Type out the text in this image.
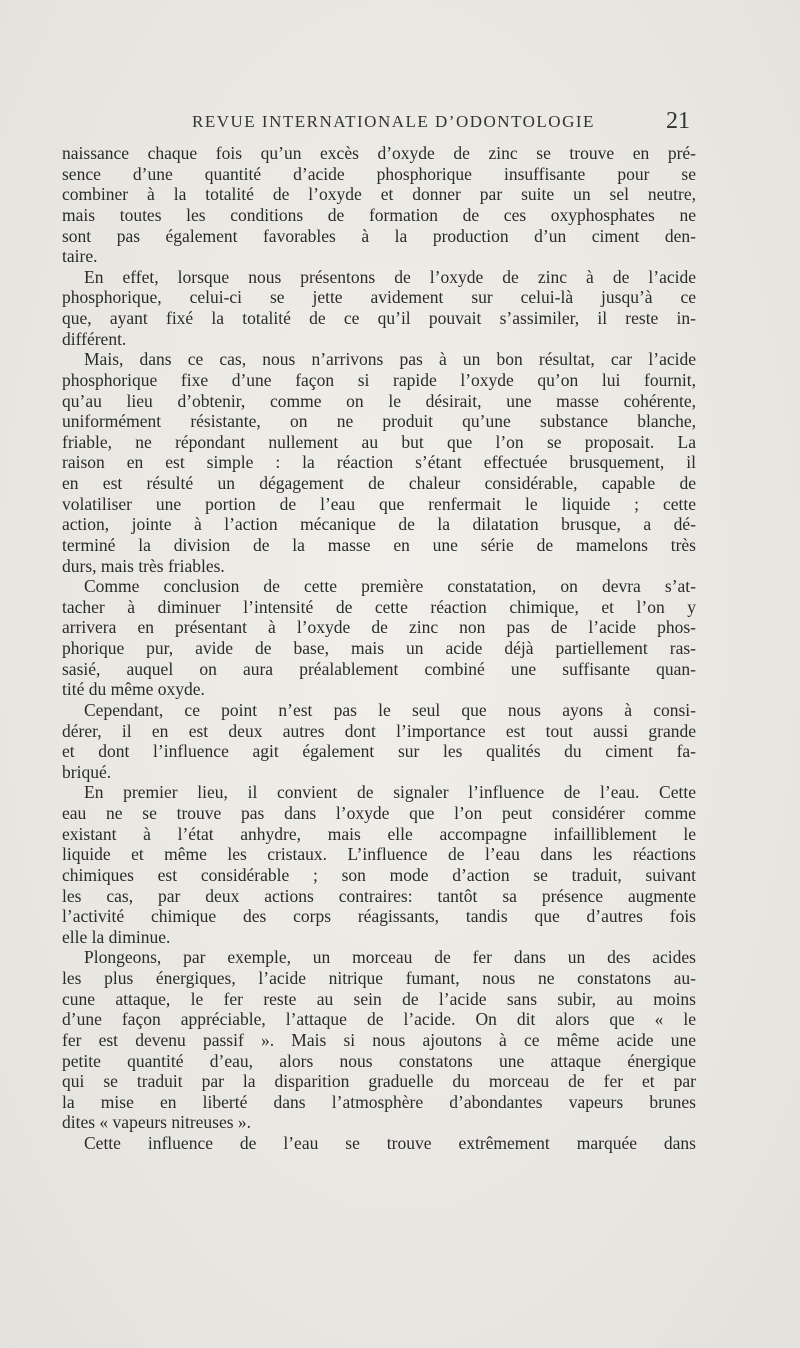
REVUE INTERNATIONALE D’ODONTOLOGIE	21
naissance chaque fois qu’un excès d’oxyde de zinc se trouve en pré-
sence d’une quantité d’acide phosphorique insuffisante pour se
combiner à la totalité de l’oxyde et donner par suite un sel neutre,
mais toutes les conditions de formation de ces oxyphosphates ne
sont pas également favorables à la production d’un ciment den-
taire.
En effet, lorsque nous présentons de l’oxyde de zinc à de l’acide
phosphorique, celui-ci se jette avidement sur celui-là jusqu’à ce
que, ayant fixé la totalité de ce qu’il pouvait s’assimiler, il reste in-
différent.
Mais, dans ce cas, nous n’arrivons pas à un bon résultat, car l’acide
phosphorique fixe d’une façon si rapide l’oxyde qu’on lui fournit,
qu’au lieu d’obtenir, comme on le désirait, une masse cohérente,
uniformément résistante, on ne produit qu’une substance blanche,
friable, ne répondant nullement au but que l’on se proposait. La
raison en est simple : la réaction s’étant effectuée brusquement, il
en est résulté un dégagement de chaleur considérable, capable de
volatiliser une portion de l’eau que renfermait le liquide ; cette
action, jointe à l’action mécanique de la dilatation brusque, a dé-
terminé la division de la masse en une série de mamelons très
durs, mais très friables.
Comme conclusion de cette première constatation, on devra s’at-
tacher à diminuer l’intensité de cette réaction chimique, et l’on y
arrivera en présentant à l’oxyde de zinc non pas de l’acide phos-
phorique pur, avide de base, mais un acide déjà partiellement ras-
sasié, auquel on aura préalablement combiné une suffisante quan-
tité du même oxyde.
Cependant, ce point n’est pas le seul que nous ayons à consi-
dérer, il en est deux autres dont l’importance est tout aussi grande
et dont l’influence agit également sur les qualités du ciment fa-
briqué.
En premier lieu, il convient de signaler l’influence de l’eau. Cette
eau ne se trouve pas dans l’oxyde que l’on peut considérer comme
existant à l’état anhydre, mais elle accompagne infailliblement le
liquide et même les cristaux. L’influence de l’eau dans les réactions
chimiques est considérable ; son mode d’action se traduit, suivant
les cas, par deux actions contraires: tantôt sa présence augmente
l’activité chimique des corps réagissants, tandis que d’autres fois
elle la diminue.
Plongeons, par exemple, un morceau de fer dans un des acides
les plus énergiques, l’acide nitrique fumant, nous ne constatons au-
cune attaque, le fer reste au sein de l’acide sans subir, au moins
d’une façon appréciable, l’attaque de l’acide. On dit alors que « le
fer est devenu passif ». Mais si nous ajoutons à ce même acide une
petite quantité d’eau, alors nous constatons une attaque énergique
qui se traduit par la disparition graduelle du morceau de fer et par
la mise en liberté dans l’atmosphère d’abondantes vapeurs brunes
dites « vapeurs nitreuses ».
Cette influence de l’eau se trouve extrêmement marquée dans
